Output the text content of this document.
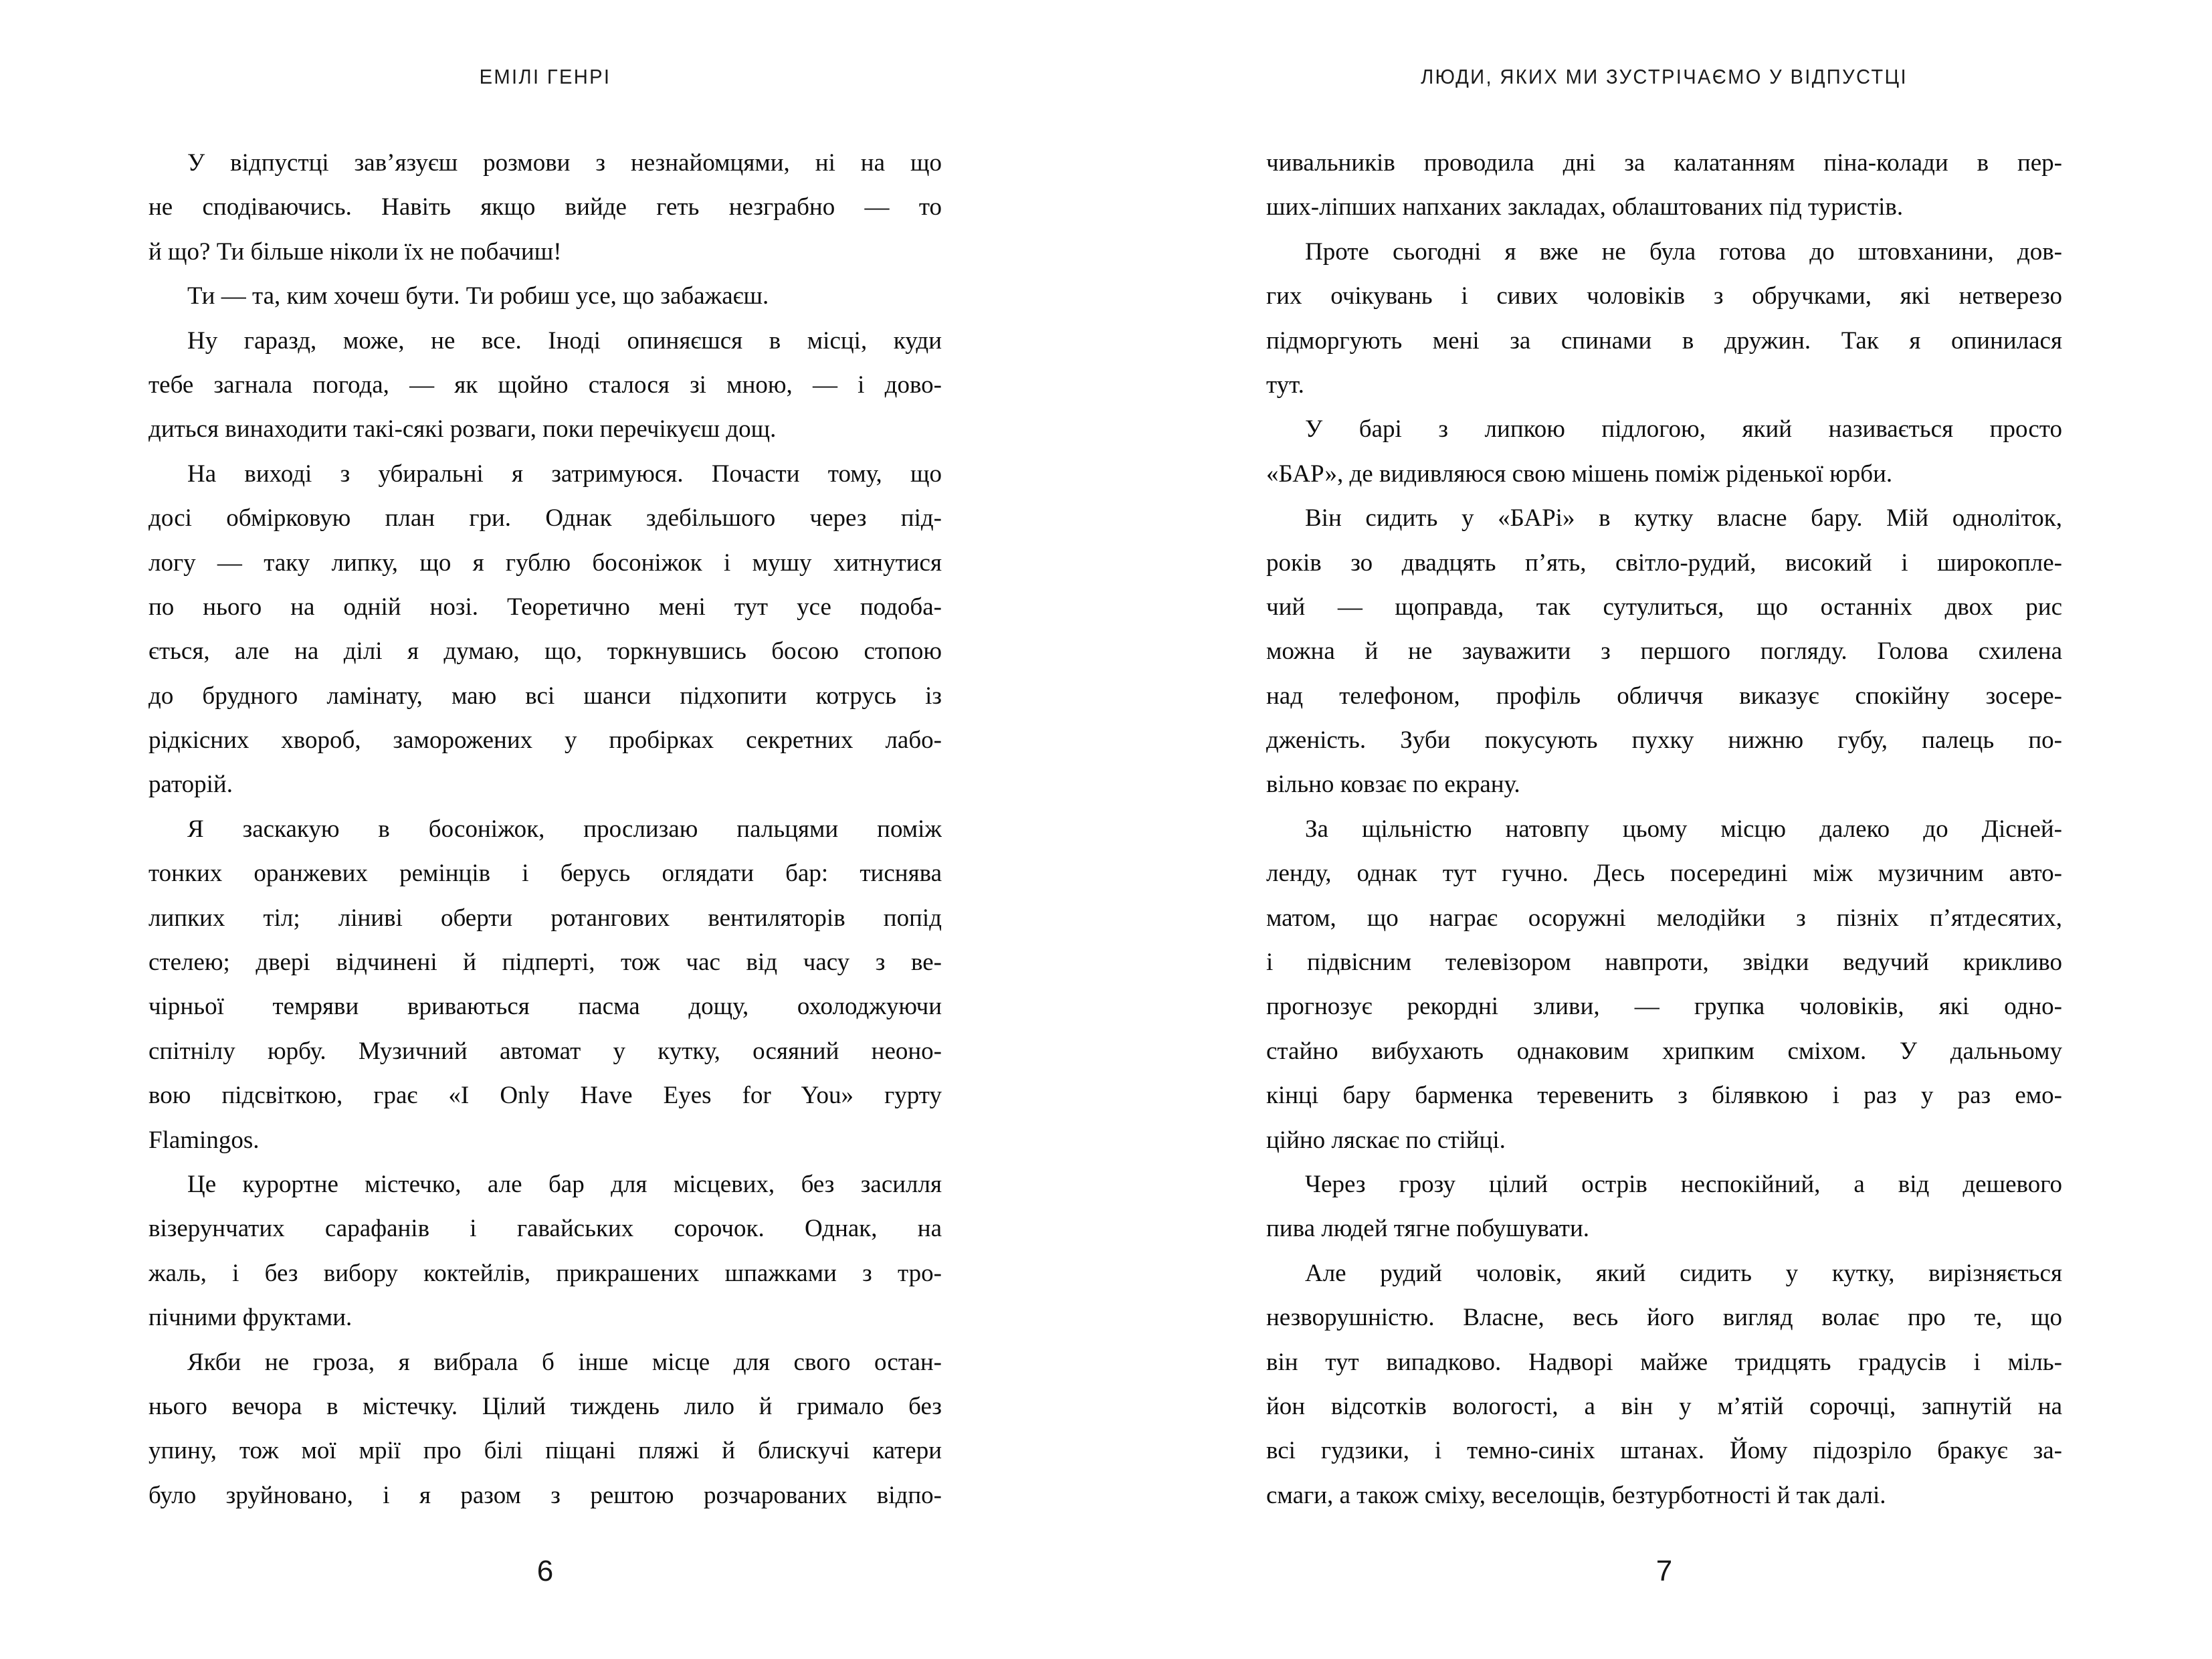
ЕМІЛІ ГЕНРІ
У відпустці зав’язуєш розмови з незнайомцями, ні на що
не сподіваючись. Навіть якщо вийде геть незграбно — то
й що? Ти більше ніколи їх не побачиш!
Ти — та, ким хочеш бути. Ти робиш усе, що забажаєш.
Ну гаразд, може, не все. Іноді опиняєшся в місці, куди
тебе загнала погода, — як щойно сталося зі мною, — і дово-
диться винаходити такі-сякі розваги, поки перечікуєш дощ.
На виході з убиральні я затримуюся. Почасти тому, що
досі обмірковую план гри. Однак здебільшого через під-
логу — таку липку, що я гублю босоніжок і мушу хитнутися
по нього на одній нозі. Теоретично мені тут усе подоба-
ється, але на ділі я думаю, що, торкнувшись босою стопою
до брудного ламінату, маю всі шанси підхопити котрусь із
рідкісних хвороб, заморожених у пробірках секретних лабо-
раторій.
Я заскакую в босоніжок, прослизаю пальцями поміж
тонких оранжевих ремінців і берусь оглядати бар: тиснява
липких тіл; ліниві оберти ротангових вентиляторів попід
стелею; двері відчинені й підперті, тож час від часу з ве-
чірньої темряви вриваються пасма дощу, охолоджуючи
спітнілу юрбу. Музичний автомат у кутку, осяяний неоно-
вою підсвіткою, грає «I Only Have Eyes for You» гурту
Flamingos.
Це курортне містечко, але бар для місцевих, без засилля
візерунчатих сарафанів і гавайських сорочок. Однак, на
жаль, і без вибору коктейлів, прикрашених шпажками з тро-
пічними фруктами.
Якби не гроза, я вибрала б інше місце для свого остан-
нього вечора в містечку. Цілий тиждень лило й гримало без
упину, тож мої мрії про білі піщані пляжі й блискучі катери
було зруйновано, і я разом з рештою розчарованих відпо-
6
ЛЮДИ, ЯКИХ МИ ЗУСТРІЧАЄМО У ВІДПУСТЦІ
чивальників проводила дні за калатанням піна-колади в пер-
ших-ліпших напханих закладах, облаштованих під туристів.
Проте сьогодні я вже не була готова до штовханини, дов-
гих очікувань і сивих чоловіків з обручками, які нетверезо
підморгують мені за спинами в дружин. Так я опинилася
тут.
У барі з липкою підлогою, який називається просто
«БАР», де видивляюся свою мішень поміж ріденької юрби.
Він сидить у «БАРі» в кутку власне бару. Мій одноліток,
років зо двадцять п’ять, світло-рудий, високий і широкопле-
чий — щоправда, так сутулиться, що останніх двох рис
можна й не зауважити з першого погляду. Голова схилена
над телефоном, профіль обличчя виказує спокійну зосере-
дженість. Зуби покусують пухку нижню губу, палець по-
вільно ковзає по екрану.
За щільністю натовпу цьому місцю далеко до Дісней-
ленду, однак тут гучно. Десь посередині між музичним авто-
матом, що награє осоружні мелодійки з пізніх п’ятдесятих,
і підвісним телевізором навпроти, звідки ведучий крикливо
прогнозує рекордні зливи, — групка чоловіків, які одно-
стайно вибухають однаковим хрипким сміхом. У дальньому
кінці бару барменка теревенить з білявкою і раз у раз емо-
ційно ляскає по стійці.
Через грозу цілий острів неспокійний, а від дешевого
пива людей тягне побушувати.
Але рудий чоловік, який сидить у кутку, вирізняється
незворушністю. Власне, весь його вигляд волає про те, що
він тут випадково. Надворі майже тридцять градусів і міль-
йон відсотків вологості, а він у м’ятій сорочці, запнутій на
всі гудзики, і темно-синіх штанах. Йому підозріло бракує за-
смаги, а також сміху, веселощів, безтурботності й так далі.
7
